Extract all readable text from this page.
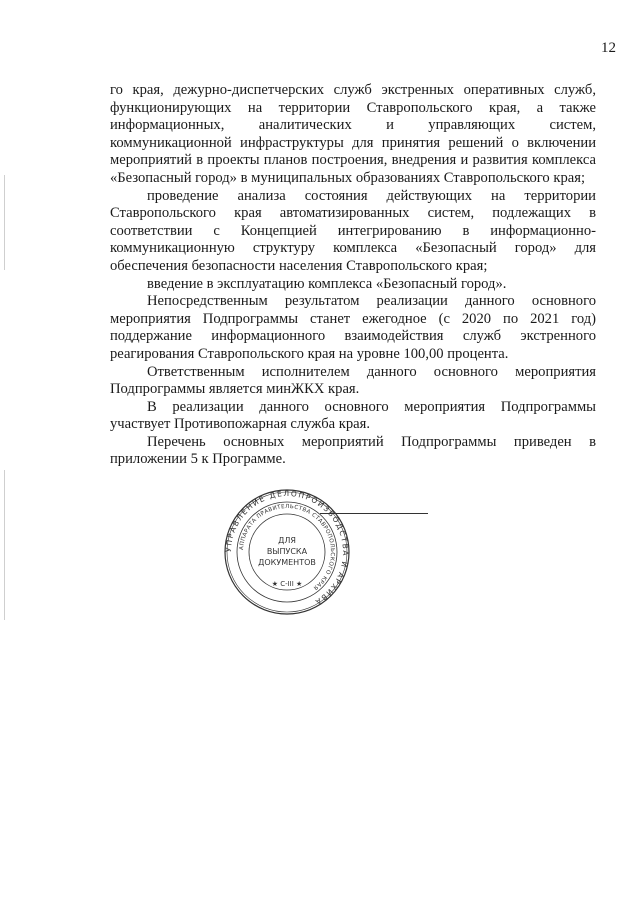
12

го края, дежурно-диспетчерских служб экстренных оперативных служб, функционирующих на территории Ставропольского края, а также информационных, аналитических и управляющих систем, коммуникационной инфраструктуры для принятия решений о включении мероприятий в проекты планов построения, внедрения и развития комплекса «Безопасный город» в муниципальных образованиях Ставропольского края;

проведение анализа состояния действующих на территории Ставропольского края автоматизированных систем, подлежащих в соответствии с Концепцией интегрированию в информационно-коммуникационную структуру комплекса «Безопасный город» для обеспечения безопасности населения Ставропольского края;

введение в эксплуатацию комплекса «Безопасный город».

Непосредственным результатом реализации данного основного мероприятия Подпрограммы станет ежегодное (с 2020 по 2021 год) поддержание информационного взаимодействия служб экстренного реагирования Ставропольского края на уровне 100,00 процента.

Ответственным исполнителем данного основного мероприятия Подпрограммы является минЖКХ края.

В реализации данного основного мероприятия Подпрограммы участвует Противопожарная служба края.

Перечень основных мероприятий Подпрограммы приведен в приложении 5 к Программе.

УПРАВЛЕНИЕ ДЕЛОПРОИЗВОДСТВА И АРХИВА
АППАРАТА ПРАВИТЕЛЬСТВА СТАВРОПОЛЬСКОГО КРАЯ
ДЛЯ
ВЫПУСКА
ДОКУМЕНТОВ
★ С-III ★
